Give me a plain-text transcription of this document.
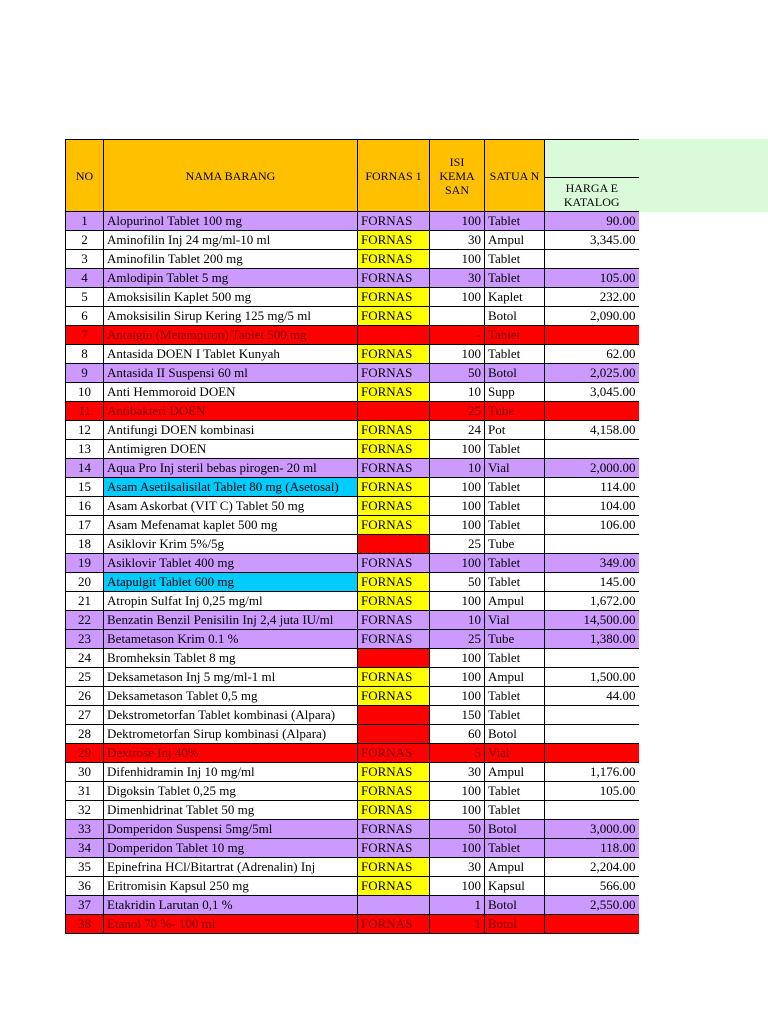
NO	NAMA BARANG	FORNAS 1	ISI KEMA SAN	SATUA N	
					HARGA E KATALOG
1	Alopurinol Tablet 100 mg	FORNAS	100	Tablet	90.00
2	Aminofilin Inj 24 mg/ml-10 ml	FORNAS	30	Ampul	3,345.00
3	Aminofilin Tablet 200 mg	FORNAS	100	Tablet	
4	Amlodipin Tablet 5 mg	FORNAS	30	Tablet	105.00
5	Amoksisilin Kaplet 500 mg	FORNAS	100	Kaplet	232.00
6	Amoksisilin Sirup Kering 125 mg/5 ml	FORNAS		Botol	2,090.00
7	Antalgin (Metampiron) Tablet 500 mg		-	Tablet	
8	Antasida DOEN I Tablet Kunyah	FORNAS	100	Tablet	62.00
9	Antasida II Suspensi 60 ml	FORNAS	50	Botol	2,025.00
10	Anti Hemmoroid DOEN	FORNAS	10	Supp	3,045.00
11	Antibakteri DOEN		25	Tube	
12	Antifungi DOEN kombinasi	FORNAS	24	Pot	4,158.00
13	Antimigren DOEN	FORNAS	100	Tablet	
14	Aqua Pro Inj steril bebas pirogen- 20 ml	FORNAS	10	Vial	2,000.00
15	Asam Asetilsalisilat Tablet 80 mg (Asetosal)	FORNAS	100	Tablet	114.00
16	Asam Askorbat (VIT C) Tablet 50 mg	FORNAS	100	Tablet	104.00
17	Asam Mefenamat kaplet 500 mg	FORNAS	100	Tablet	106.00
18	Asiklovir Krim 5%/5g		25	Tube	
19	Asiklovir Tablet 400 mg	FORNAS	100	Tablet	349.00
20	Atapulgit Tablet 600 mg	FORNAS	50	Tablet	145.00
21	Atropin Sulfat Inj 0,25 mg/ml	FORNAS	100	Ampul	1,672.00
22	Benzatin Benzil Penisilin Inj 2,4 juta IU/ml	FORNAS	10	Vial	14,500.00
23	Betametason Krim 0.1 %	FORNAS	25	Tube	1,380.00
24	Bromheksin Tablet 8 mg		100	Tablet	
25	Deksametason Inj 5 mg/ml-1 ml	FORNAS	100	Ampul	1,500.00
26	Deksametason Tablet 0,5 mg	FORNAS	100	Tablet	44.00
27	Dekstrometorfan Tablet kombinasi (Alpara)		150	Tablet	
28	Dektrometorfan Sirup kombinasi (Alpara)		60	Botol	
29	Dextrose Inj 40%	FORNAS	5	Vial	
30	Difenhidramin Inj 10 mg/ml	FORNAS	30	Ampul	1,176.00
31	Digoksin Tablet 0,25 mg	FORNAS	100	Tablet	105.00
32	Dimenhidrinat Tablet 50 mg	FORNAS	100	Tablet	
33	Domperidon Suspensi 5mg/5ml	FORNAS	50	Botol	3,000.00
34	Domperidon Tablet 10 mg	FORNAS	100	Tablet	118.00
35	Epinefrina HCl/Bitartrat (Adrenalin) Inj	FORNAS	30	Ampul	2,204.00
36	Eritromisin Kapsul 250 mg	FORNAS	100	Kapsul	566.00
37	Etakridin Larutan 0,1 %		1	Botol	2,550.00
38	Etanol 70 %- 100 ml	FORNAS	1	Botol	
